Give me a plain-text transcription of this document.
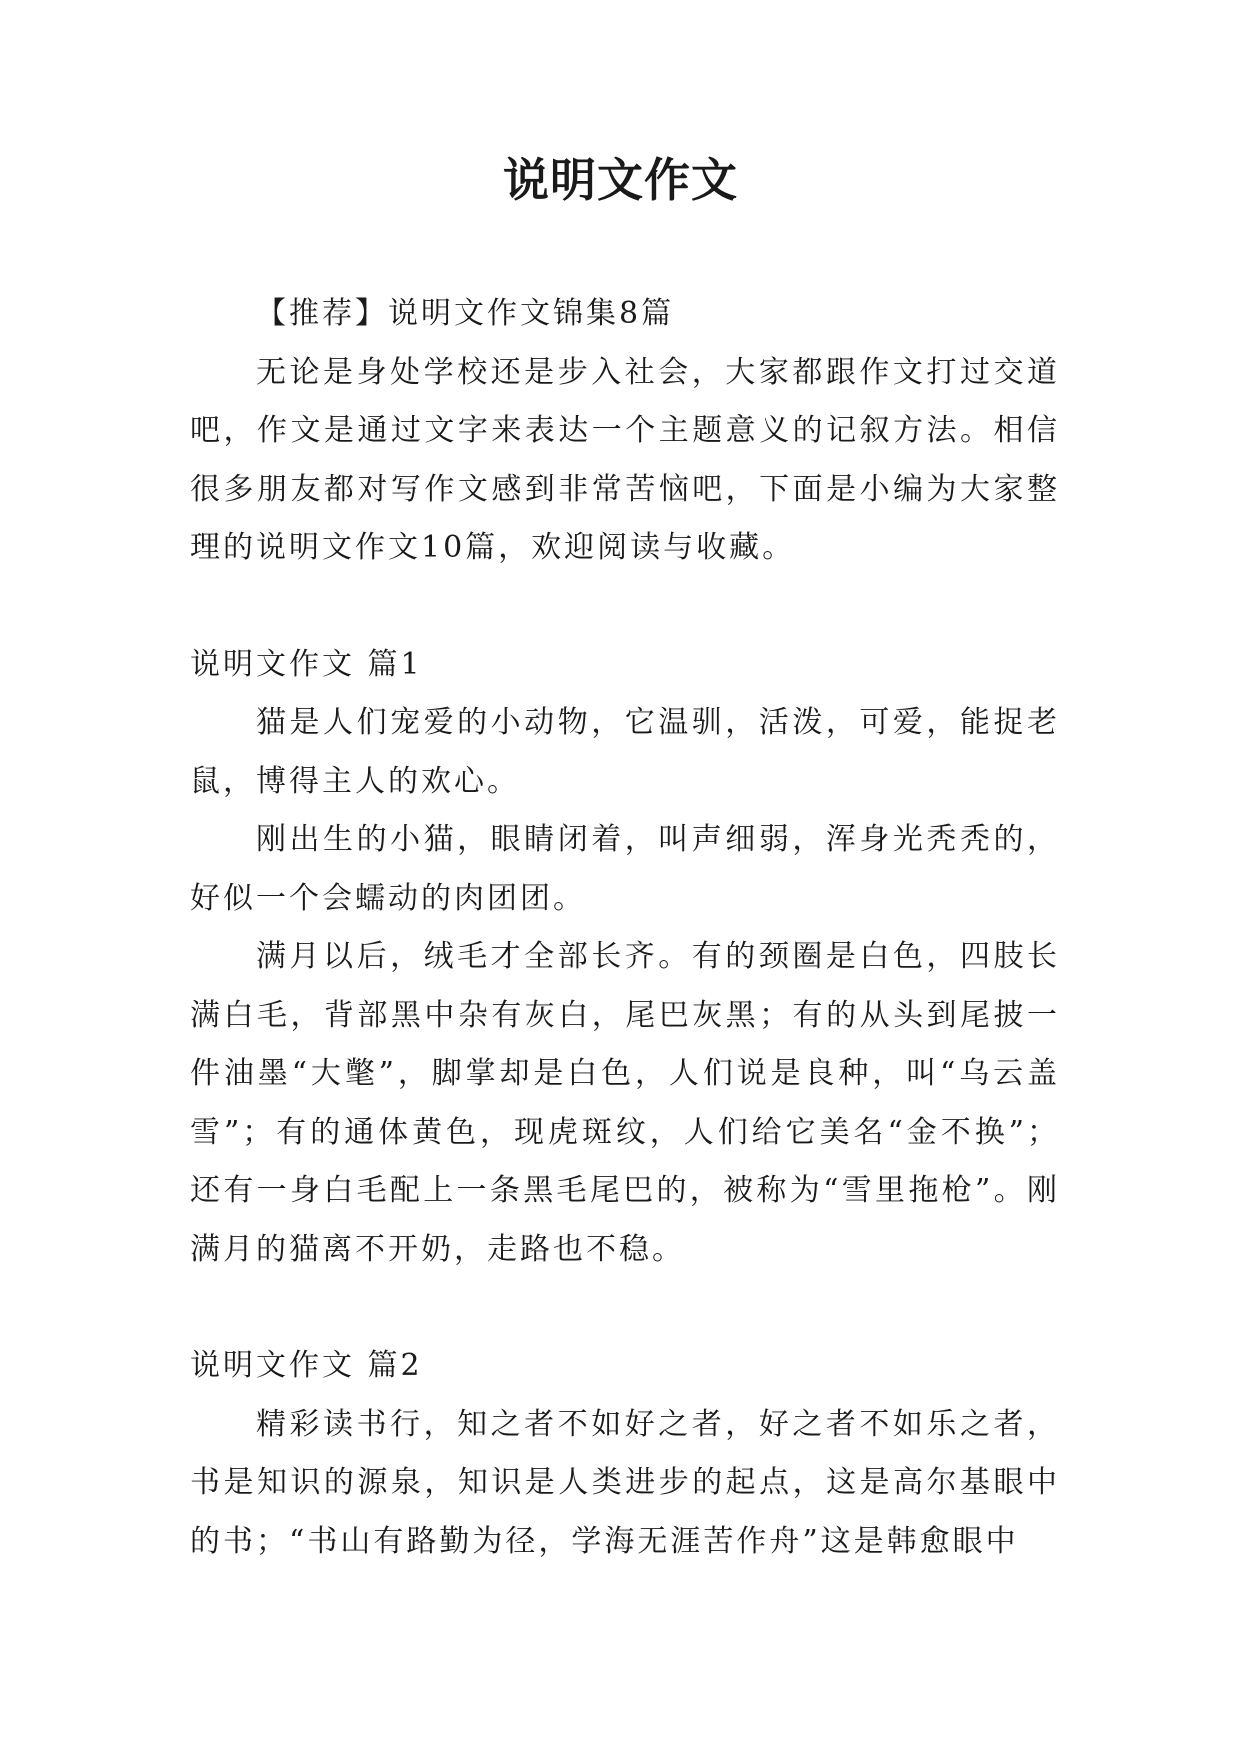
说明文作文

【推荐】说明文作文锦集8篇

无论是身处学校还是步入社会，大家都跟作文打过交道吧，作文是通过文字来表达一个主题意义的记叙方法。相信很多朋友都对写作文感到非常苦恼吧，下面是小编为大家整理的说明文作文10篇，欢迎阅读与收藏。

说明文作文 篇1

猫是人们宠爱的小动物，它温驯，活泼，可爱，能捉老鼠，博得主人的欢心。

刚出生的小猫，眼睛闭着，叫声细弱，浑身光秃秃的，好似一个会蠕动的肉团团。

满月以后，绒毛才全部长齐。有的颈圈是白色，四肢长满白毛，背部黑中杂有灰白，尾巴灰黑；有的从头到尾披一件油墨“大氅”，脚掌却是白色，人们说是良种，叫“乌云盖雪”；有的通体黄色，现虎斑纹，人们给它美名“金不换”；还有一身白毛配上一条黑毛尾巴的，被称为“雪里拖枪”。刚满月的猫离不开奶，走路也不稳。

说明文作文 篇2

精彩读书行，知之者不如好之者，好之者不如乐之者，书是知识的源泉，知识是人类进步的起点，这是高尔基眼中的书；“书山有路勤为径，学海无涯苦作舟”这是韩愈眼中
